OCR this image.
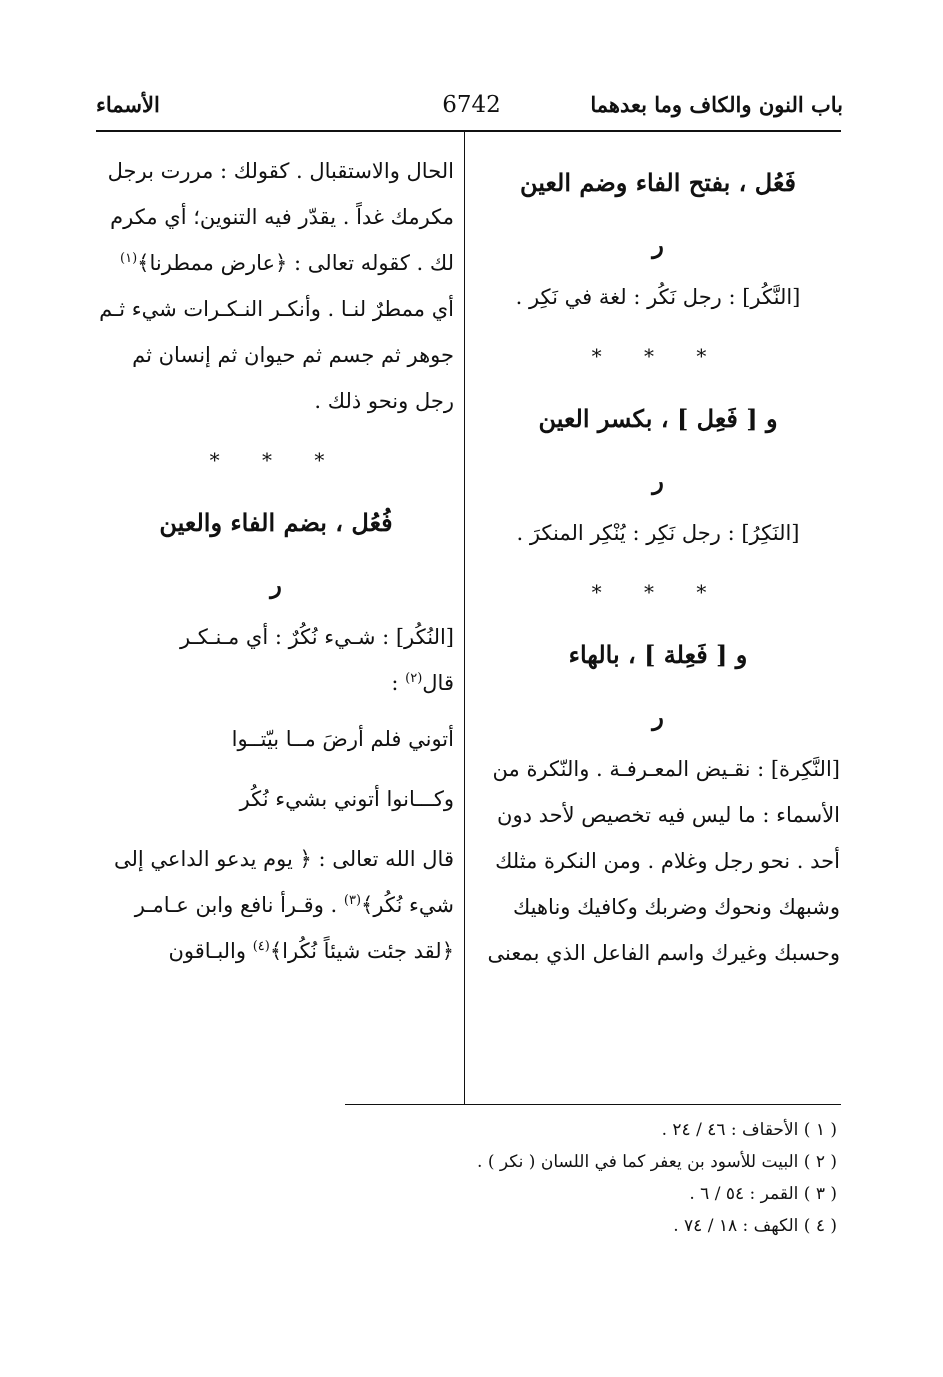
باب النون والكاف وما بعدهما
6742
الأسماء
فَعُل ، بفتح الفاء وضم العين
ر
[النَّكُر] : رجل نَكُر : لغة في نَكِر .
* * *
و [ فَعِل ] ، بكسر العين
ر
[النَكِرُ] : رجل نَكِر : يُنْكِر المنكرَ .
* * *
و [ فَعِلة ] ، بالهاء
ر
[النَّكِرة] : نقـيض المعـرفـة . والنّكرة من
الأسماء : ما ليس فيه تخصيص لأحد دون
أحد . نحو رجل وغلام . ومن النكرة مثلك
وشبهك ونحوك وضربك وكافيك وناهيك
وحسبك وغيرك واسم الفاعل الذي بمعنى
الحال والاستقبال . كقولك : مررت برجل
مكرمك غداً . يقدّر فيه التنوين؛ أي مكرم
لك . كقوله تعالى : ﴿عارض ممطرنا﴾$^{(١)}$
أي ممطرٌ لنـا . وأنكـر النـكـرات شيء ثـم
جوهر ثم جسم ثم حيوان ثم إنسان ثم
رجل ونحو ذلك .
* * *
فُعُل ، بضم الفاء والعين
ر
[النُكُر] : شـيء نُكُرٌ : أي مـنـكـر
قال$^{(٢)}$ :
أتوني فلم أرضَ مــا بيّتــوا
وكـــانوا أتوني بشيء نُكُر
قال الله تعالى : ﴿ يوم يدعو الداعي إلى
شيء نُكُر﴾$^{(٣)}$ . وقـرأ نافع وابن عـامـر
﴿لقد جئت شيئاً نُكُرا﴾$^{(٤)}$ والبـاقون
( ١ ) الأحقاف : ٤٦ / ٢٤ .
( ٢ ) البيت للأسود بن يعفر كما في اللسان ( نكر ) .
( ٣ ) القمر : ٥٤ / ٦ .
( ٤ ) الكهف : ١٨ / ٧٤ .
